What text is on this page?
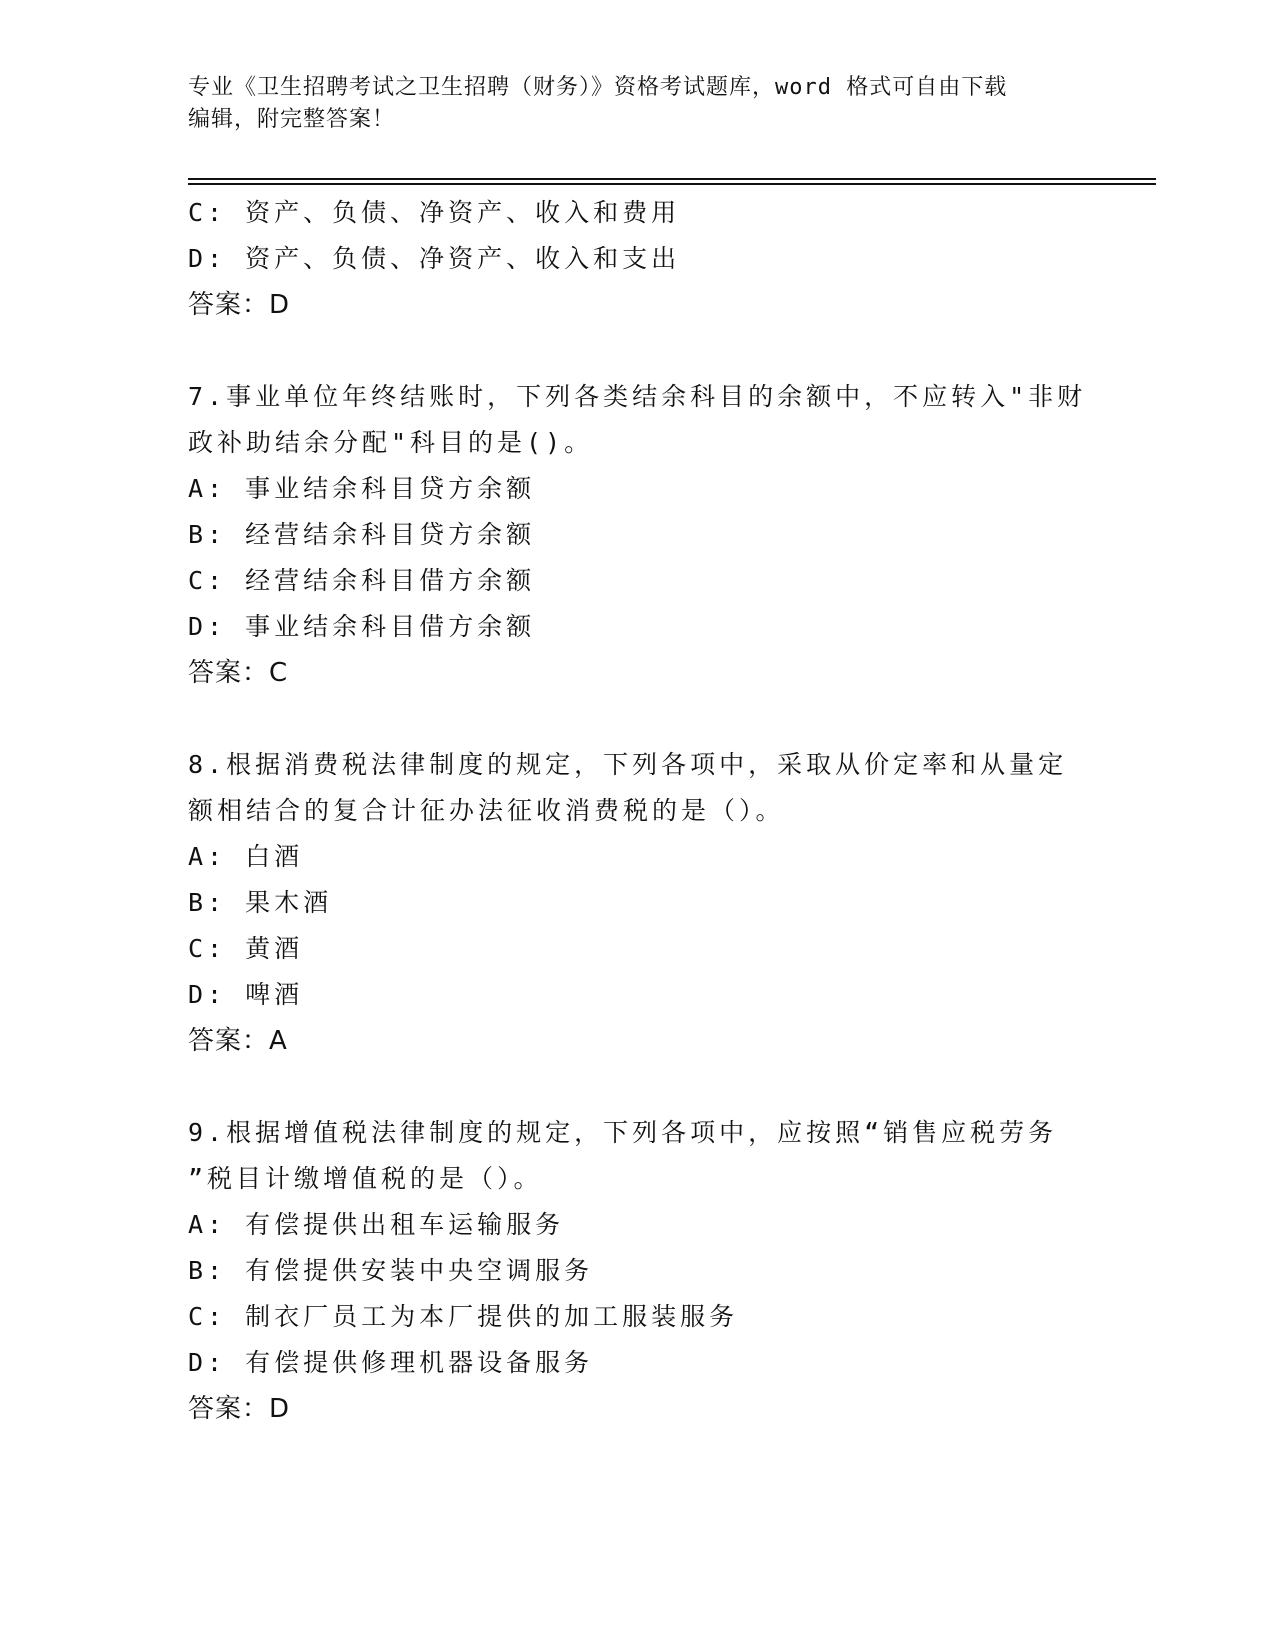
专业《卫生招聘考试之卫生招聘（财务）》资格考试题库，word 格式可自由下载
编辑，附完整答案！
C: 资产、负债、净资产、收入和费用
D: 资产、负债、净资产、收入和支出
答案：D
7.事业单位年终结账时，下列各类结余科目的余额中，不应转入"非财
政补助结余分配"科目的是()。
A: 事业结余科目贷方余额
B: 经营结余科目贷方余额
C: 经营结余科目借方余额
D: 事业结余科目借方余额
答案：C
8.根据消费税法律制度的规定，下列各项中，采取从价定率和从量定
额相结合的复合计征办法征收消费税的是（）。
A: 白酒
B: 果木酒
C: 黄酒
D: 啤酒
答案：A
9.根据增值税法律制度的规定，下列各项中，应按照“销售应税劳务
”税目计缴增值税的是（）。
A: 有偿提供出租车运输服务
B: 有偿提供安装中央空调服务
C: 制衣厂员工为本厂提供的加工服装服务
D: 有偿提供修理机器设备服务
答案：D
